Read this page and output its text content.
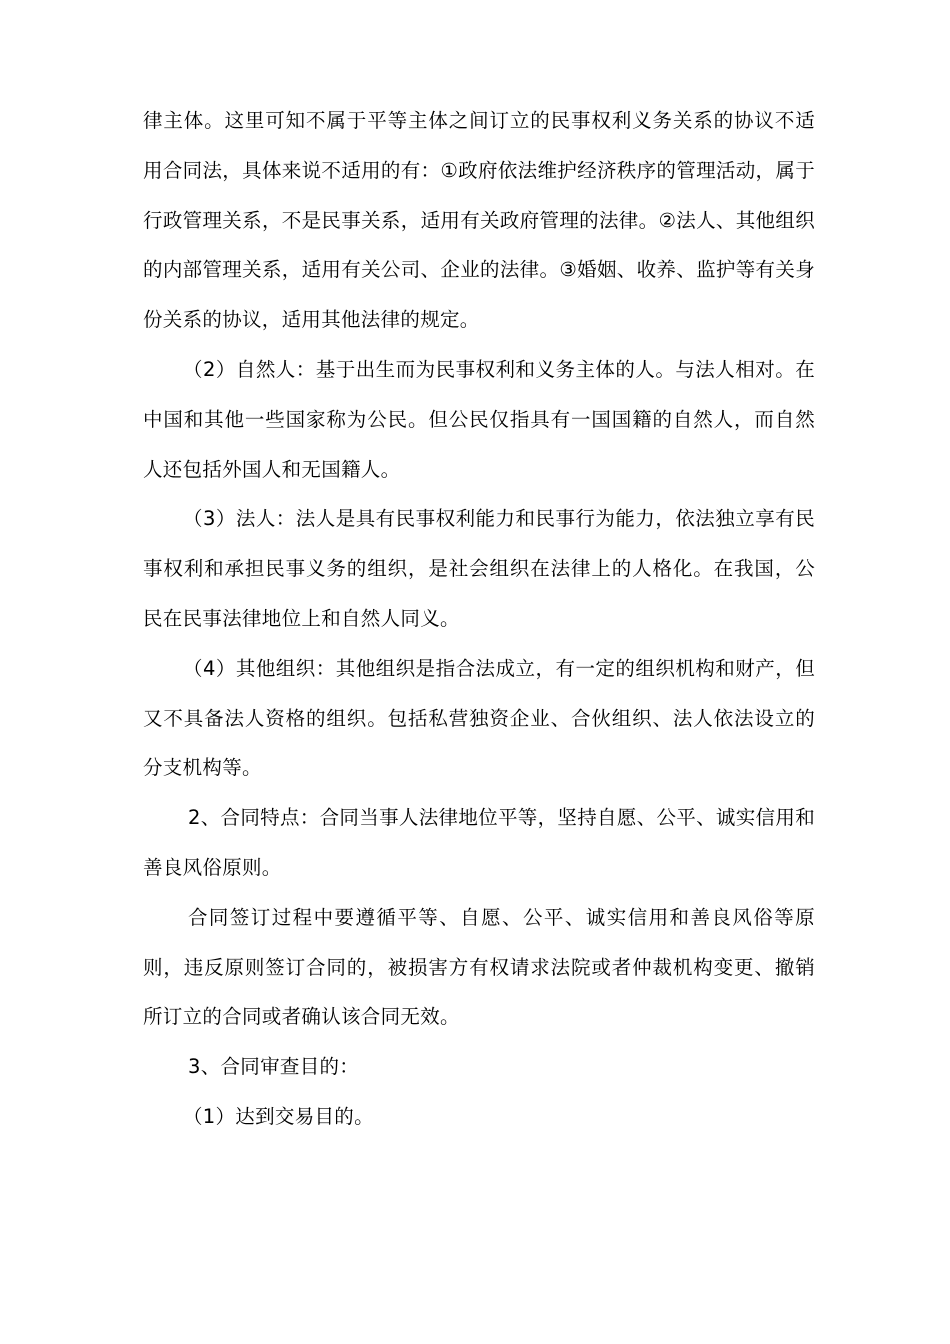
律主体。这里可知不属于平等主体之间订立的民事权利义务关系的协议不适用合同法，具体来说不适用的有：①政府依法维护经济秩序的管理活动，属于行政管理关系，不是民事关系，适用有关政府管理的法律。②法人、其他组织的内部管理关系，适用有关公司、企业的法律。③婚姻、收养、监护等有关身份关系的协议，适用其他法律的规定。

（2）自然人：基于出生而为民事权利和义务主体的人。与法人相对。在中国和其他一些国家称为公民。但公民仅指具有一国国籍的自然人，而自然人还包括外国人和无国籍人。

（3）法人：法人是具有民事权利能力和民事行为能力，依法独立享有民事权利和承担民事义务的组织，是社会组织在法律上的人格化。在我国，公民在民事法律地位上和自然人同义。

（4）其他组织：其他组织是指合法成立，有一定的组织机构和财产，但又不具备法人资格的组织。包括私营独资企业、合伙组织、法人依法设立的分支机构等。

2、合同特点：合同当事人法律地位平等，坚持自愿、公平、诚实信用和善良风俗原则。

合同签订过程中要遵循平等、自愿、公平、诚实信用和善良风俗等原则，违反原则签订合同的，被损害方有权请求法院或者仲裁机构变更、撤销所订立的合同或者确认该合同无效。

3、合同审查目的：

（1）达到交易目的。
